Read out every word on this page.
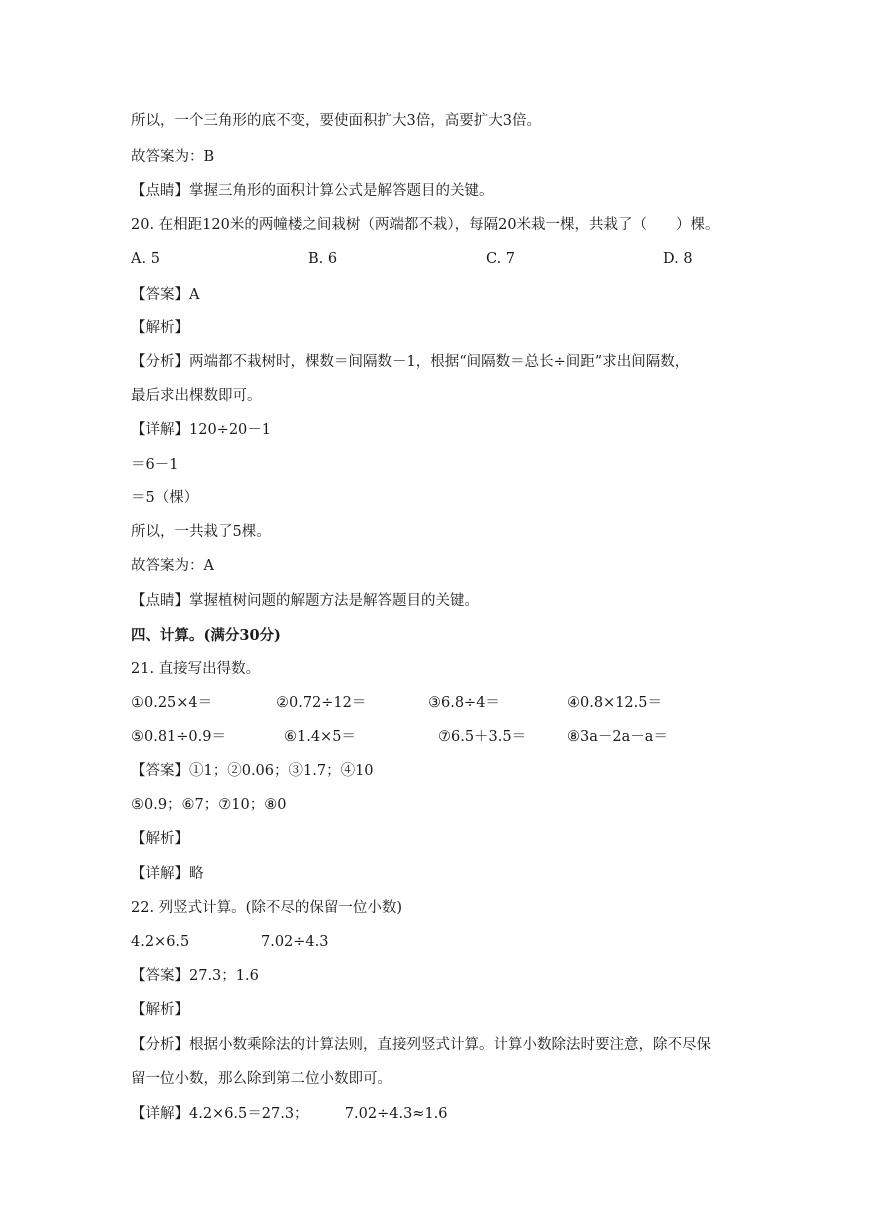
所以，一个三角形的底不变，要使面积扩大3倍，高要扩大3倍。
故答案为：B
【点睛】掌握三角形的面积计算公式是解答题目的关键。
20. 在相距120米的两幢楼之间栽树（两端都不栽），每隔20米栽一棵，共栽了（　　）棵。
A. 5	B. 6	C. 7	D. 8
【答案】A
【解析】
【分析】两端都不栽树时，棵数＝间隔数－1，根据“间隔数＝总长÷间距”求出间隔数，
最后求出棵数即可。
【详解】120÷20－1
＝6－1
＝5（棵）
所以，一共栽了5棵。
故答案为：A
【点睛】掌握植树问题的解题方法是解答题目的关键。
四、计算。(满分30分)
21. 直接写出得数。
①0.25×4＝	②0.72÷12＝	③6.8÷4＝	④0.8×12.5＝
⑤0.81÷0.9＝	⑥1.4×5＝	⑦6.5＋3.5＝	⑧3a－2a－a＝
【答案】①1；②0.06；③1.7；④10
⑤0.9；⑥7；⑦10；⑧0
【解析】
【详解】略
22. 列竖式计算。(除不尽的保留一位小数)
4.2×6.5	7.02÷4.3
【答案】27.3；1.6
【解析】
【分析】根据小数乘除法的计算法则，直接列竖式计算。计算小数除法时要注意，除不尽保
留一位小数，那么除到第二位小数即可。
【详解】4.2×6.5＝27.3；　　　7.02÷4.3≈1.6
